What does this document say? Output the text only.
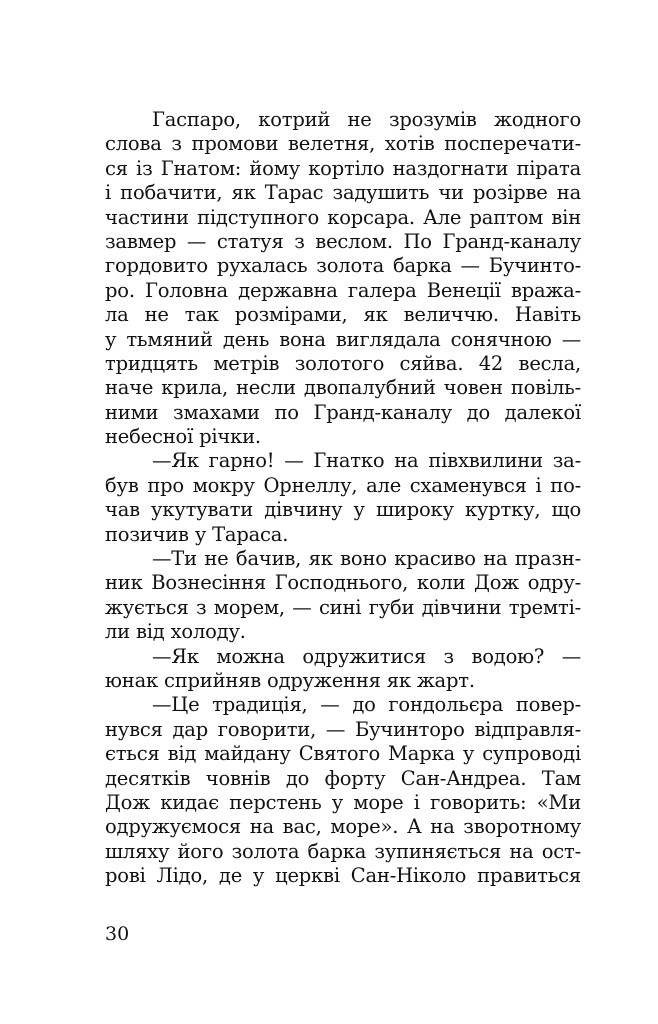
Гаспаро, котрий не зрозумів жодного
слова з промови велетня, хотів посперечати-
ся із Гнатом: йому кортіло наздогнати пірата
і побачити, як Тарас задушить чи розірве на
частини підступного корсара. Але раптом він
завмер — статуя з веслом. По Гранд-каналу
гордовито рухалась золота барка — Бучинто-
ро. Головна державна галера Венеції вража-
ла не так розмірами, як величчю. Навіть
у тьмяний день вона виглядала сонячною —
тридцять метрів золотого сяйва. 42 весла,
наче крила, несли двопалубний човен повіль-
ними змахами по Гранд-каналу до далекої
небесної річки.
—Як гарно! — Гнатко на півхвилини за-
був про мокру Орнеллу, але схаменувся і по-
чав укутувати дівчину у широку куртку, що
позичив у Тараса.
—Ти не бачив, як воно красиво на празн-
ник Вознесіння Господнього, коли Дож одру-
жується з морем, — сині губи дівчини тремті-
ли від холоду.
—Як можна одружитися з водою? —
юнак сприйняв одруження як жарт.
—Це традиція, — до гондольєра повер-
нувся дар говорити, — Бучинторо відправля-
ється від майдану Святого Марка у супроводі
десятків човнів до форту Сан-Андреа. Там
Дож кидає перстень у море і говорить: «Ми
одружуємося на вас, море». А на зворотному
шляху його золота барка зупиняється на ост-
рові Лідо, де у церкві Сан-Ніколо правиться
30
